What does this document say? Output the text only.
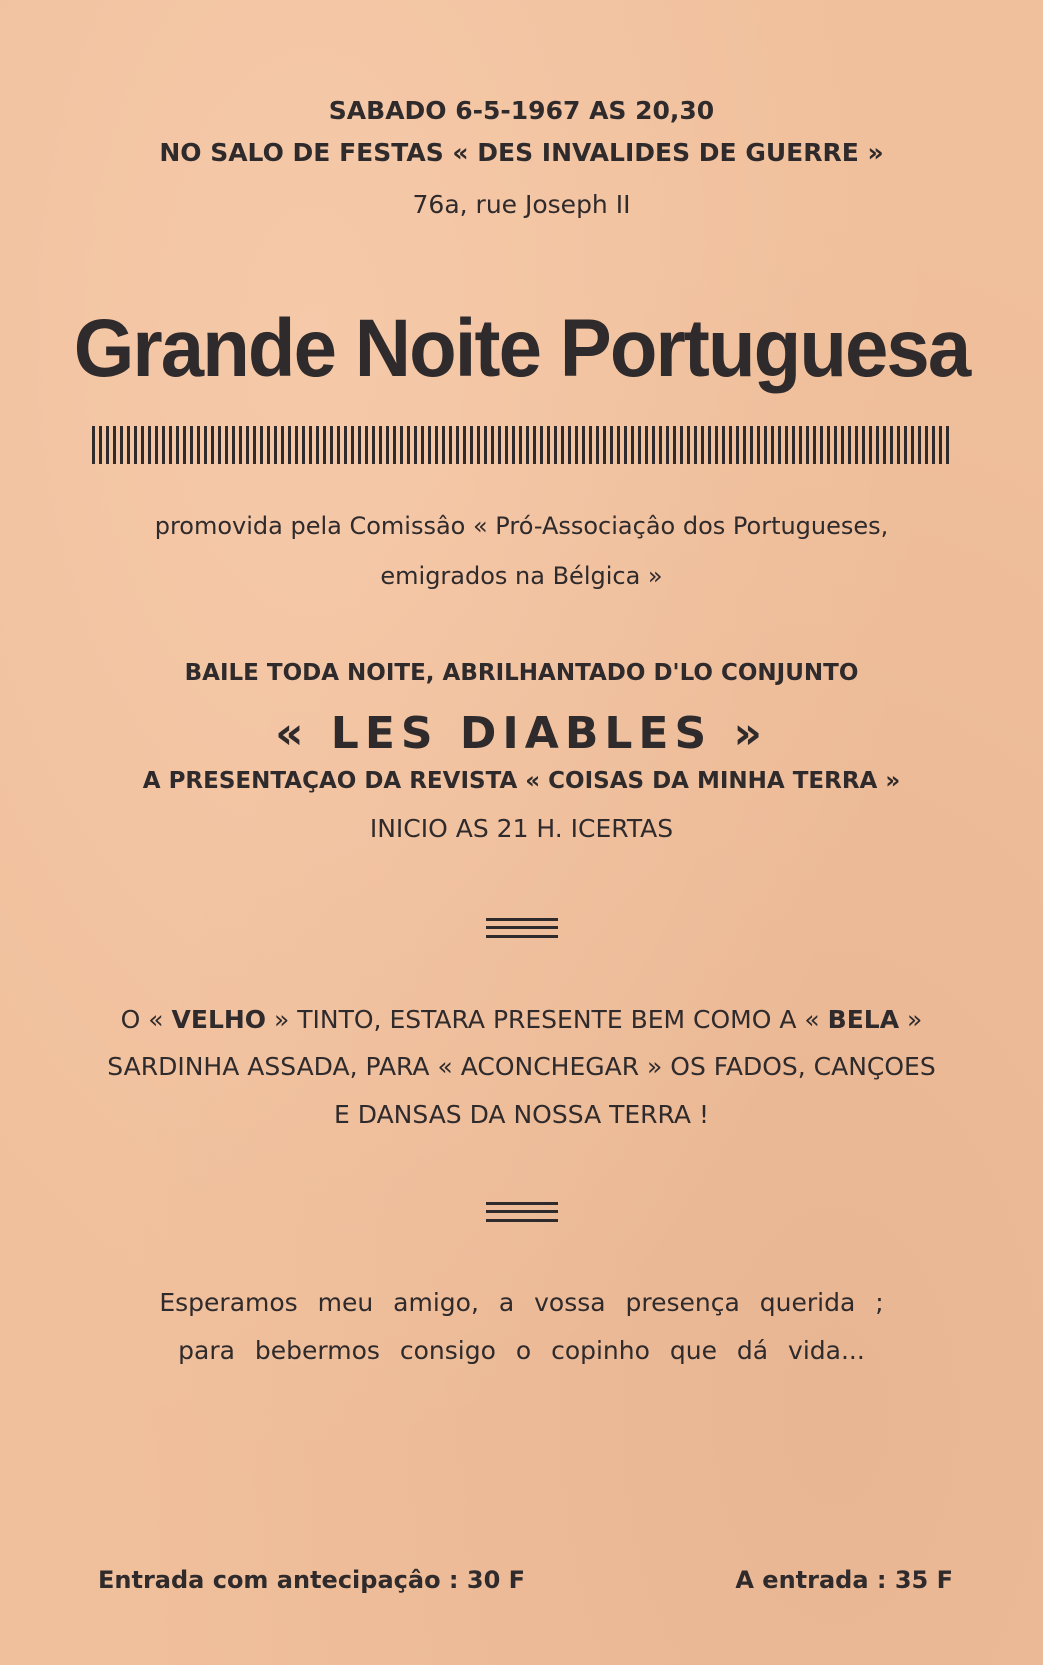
SABADO 6-5-1967 AS 20,30
NO SALO DE FESTAS « DES INVALIDES DE GUERRE »
76a, rue Joseph II
Grande Noite Portuguesa
promovida pela Comissâo « Pró-Associaçâo dos Portugueses,
emigrados na Bélgica »
BAILE TODA NOITE, ABRILHANTADO D'LO CONJUNTO
« LES DIABLES »
A PRESENTAÇAO DA REVISTA « COISAS DA MINHA TERRA »
INICIO AS 21 H. ICERTAS
O « VELHO » TINTO, ESTARA PRESENTE BEM COMO A « BELA »
SARDINHA ASSADA, PARA « ACONCHEGAR » OS FADOS, CANÇOES
E DANSAS DA NOSSA TERRA !
Esperamos meu amigo, a vossa presença querida ;
para bebermos consigo o copinho que dá vida...
Entrada com antecipaçâo : 30 F	A entrada : 35 F
